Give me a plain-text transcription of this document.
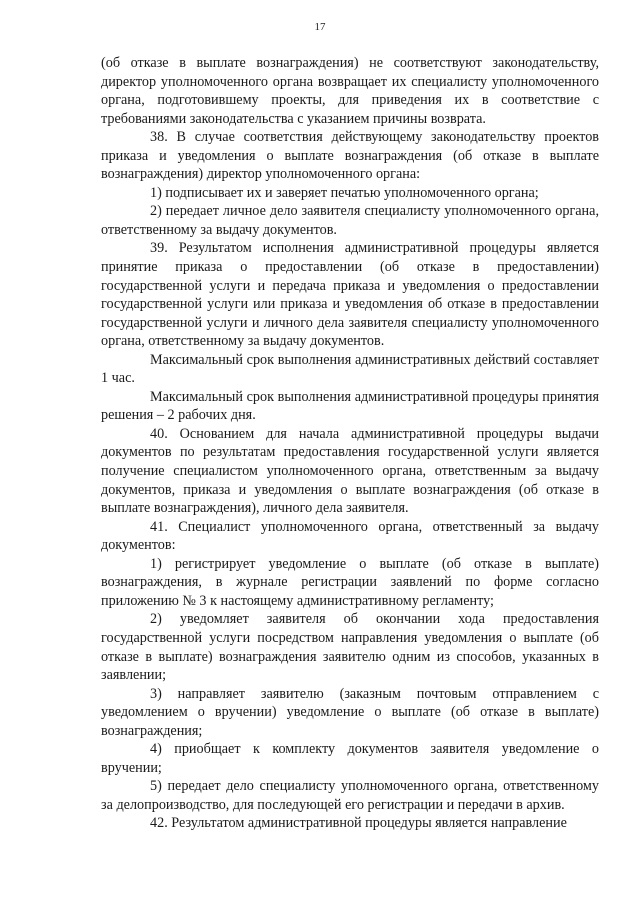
17

(об отказе в выплате вознаграждения) не соответствуют законодательству, директор уполномоченного органа возвращает их специалисту уполномоченного органа, подготовившему проекты, для приведения их в соответствие с требованиями законодательства с указанием причины возврата.

38. В случае соответствия действующему законодательству проектов приказа и уведомления о выплате вознаграждения (об отказе в выплате вознаграждения) директор уполномоченного органа:

1) подписывает их и заверяет печатью уполномоченного органа;

2) передает личное дело заявителя специалисту уполномоченного органа, ответственному за выдачу документов.

39. Результатом исполнения административной процедуры является принятие приказа о предоставлении (об отказе в предоставлении) государственной услуги и передача приказа и уведомления о предоставлении государственной услуги или приказа и уведомления об отказе в предоставлении государственной услуги и личного дела заявителя специалисту уполномоченного органа, ответственному за выдачу документов.

Максимальный срок выполнения административных действий составляет 1 час.

Максимальный срок выполнения административной процедуры принятия решения – 2 рабочих дня.

40. Основанием для начала административной процедуры выдачи документов по результатам предоставления государственной услуги является получение специалистом уполномоченного органа, ответственным за выдачу документов, приказа и уведомления о выплате вознаграждения (об отказе в выплате вознаграждения), личного дела заявителя.

41. Специалист уполномоченного органа, ответственный за выдачу документов:

1) регистрирует уведомление о выплате (об отказе в выплате) вознаграждения, в журнале регистрации заявлений по форме согласно приложению № 3 к настоящему административному регламенту;

2) уведомляет заявителя об окончании хода предоставления государственной услуги посредством направления уведомления о выплате (об отказе в выплате) вознаграждения заявителю одним из способов, указанных в заявлении;

3) направляет заявителю (заказным почтовым отправлением с уведомлением о вручении) уведомление о выплате (об отказе в выплате) вознаграждения;

4) приобщает к комплекту документов заявителя уведомление о вручении;

5) передает дело специалисту уполномоченного органа, ответственному за делопроизводство, для последующей его регистрации и передачи в архив.

42. Результатом административной процедуры является направление
